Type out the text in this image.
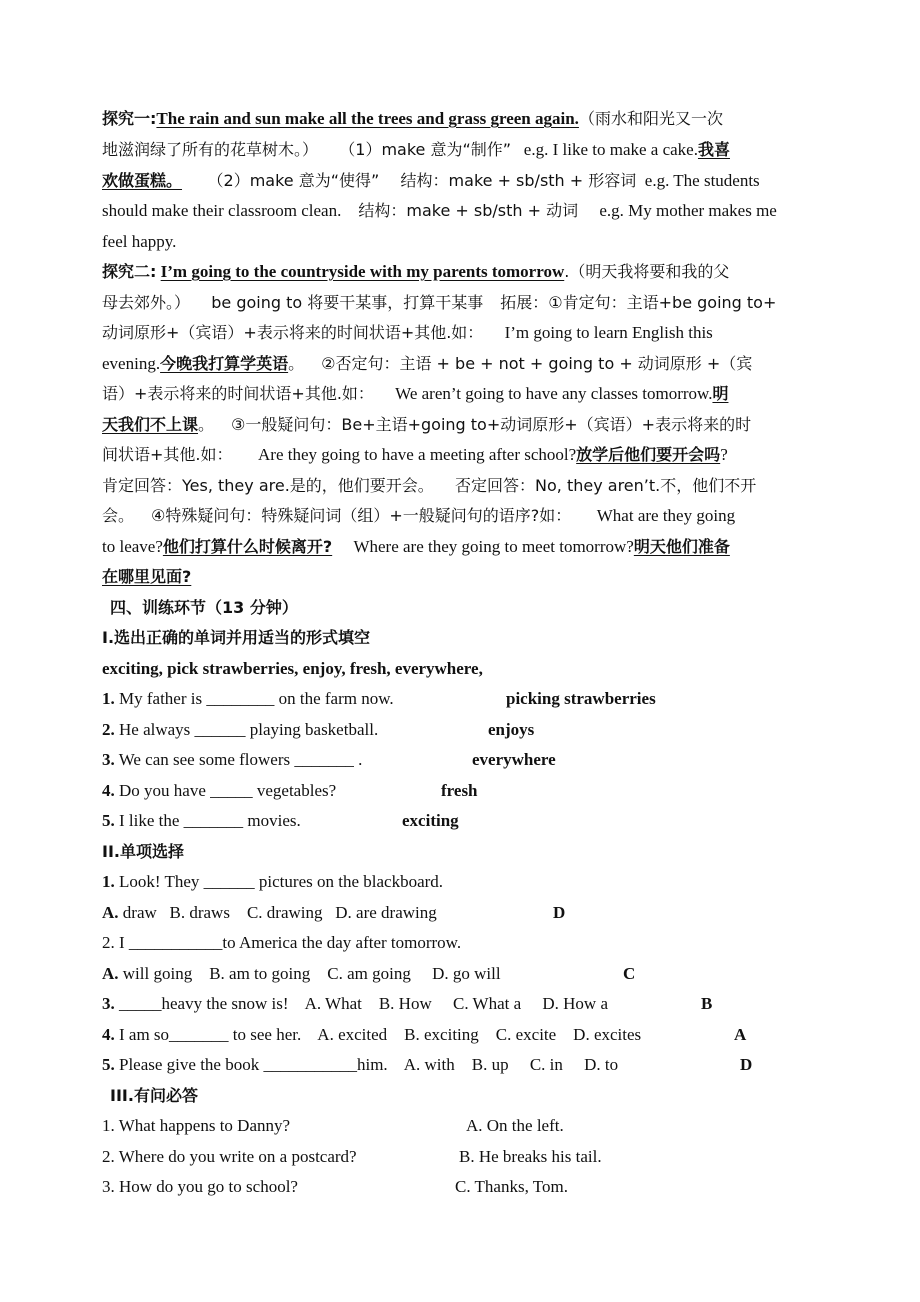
探究一:The rain and sun make all the trees and grass green again.（雨水和阳光又一次
地滋润绿了所有的花草树木。） （1）make 意为“制作” e.g. I like to make a cake.我喜
欢做蛋糕。 （2）make 意为“使得” 结构：make + sb/sth + 形容词 e.g. The students
should make their classroom clean. 结构：make + sb/sth + 动词 e.g. My mother makes me
feel happy.
探究二: I’m going to the countryside with my parents tomorrow.（明天我将要和我的父
母去郊外。） be going to 将要干某事，打算干某事 拓展：①肯定句：主语+be going to+
动词原形+（宾语）+表示将来的时间状语+其他.如： I’m going to learn English this
evening.今晚我打算学英语。 ②否定句：主语 + be + not + going to + 动词原形 +（宾
语）+表示将来的时间状语+其他.如： We aren’t going to have any classes tomorrow.明
天我们不上课。 ③一般疑问句：Be+主语+going to+动词原形+（宾语）+表示将来的时
间状语+其他.如： Are they going to have a meeting after school?放学后他们要开会吗?
肯定回答：Yes, they are.是的，他们要开会。 否定回答：No, they aren’t.不，他们不开
会。 ④特殊疑问句：特殊疑问词（组）+一般疑问句的语序?如： What are they going
to leave?他们打算什么时候离开? Where are they going to meet tomorrow?明天他们准备
在哪里见面?
四、训练环节（13 分钟）
I.选出正确的单词并用适当的形式填空
exciting, pick strawberries, enjoy, fresh, everywhere,
1. My father is ________ on the farm now.	picking strawberries
2. He always ______ playing basketball.	enjoys
3. We can see some flowers _______ .	everywhere
4. Do you have _____ vegetables?	fresh
5. I like the _______ movies.	exciting
II.单项选择
1. Look! They ______ pictures on the blackboard.
A. draw   B. draws    C. drawing   D. are drawing	D
2. I ___________to America the day after tomorrow.
A. will going    B. am to going    C. am going     D. go will	C
3. _____heavy the snow is!    A. What    B. How     C. What a     D. How a	B
4. I am so_______ to see her.    A. excited    B. exciting    C. excite    D. excites	A
5. Please give the book ___________him.    A. with    B. up     C. in     D. to	D
III.有问必答
1. What happens to Danny?	A. On the left.
2. Where do you write on a postcard?	B. He breaks his tail.
3. How do you go to school?	C. Thanks, Tom.
